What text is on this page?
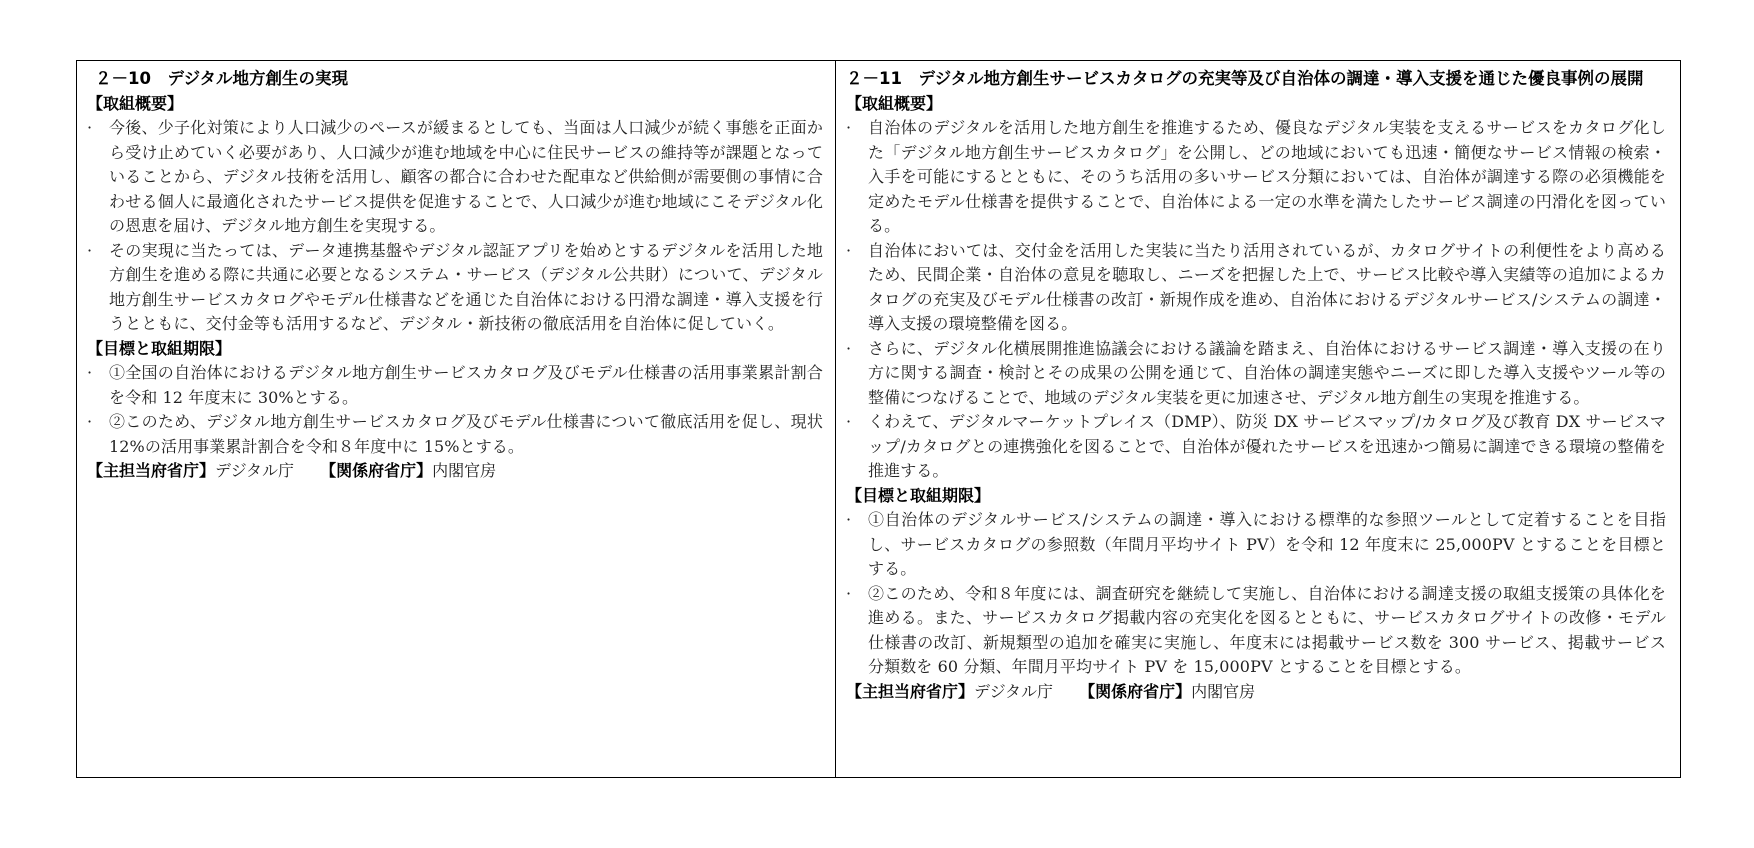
２－10　デジタル地方創生の実現

【取組概要】

·	今後、少子化対策により人口減少のペースが緩まるとしても、当面は人口減少が続く事態を正面から受け止めていく必要があり、人口減少が進む地域を中心に住民サービスの維持等が課題となっていることから、デジタル技術を活用し、顧客の都合に合わせた配車など供給側が需要側の事情に合わせる個人に最適化されたサービス提供を促進することで、人口減少が進む地域にこそデジタル化の恩恵を届け、デジタル地方創生を実現する。
·	その実現に当たっては、データ連携基盤やデジタル認証アプリを始めとするデジタルを活用した地方創生を進める際に共通に必要となるシステム・サービス（デジタル公共財）について、デジタル地方創生サービスカタログやモデル仕様書などを通じた自治体における円滑な調達・導入支援を行うとともに、交付金等も活用するなど、デジタル・新技術の徹底活用を自治体に促していく。

【目標と取組期限】

·	①全国の自治体におけるデジタル地方創生サービスカタログ及びモデル仕様書の活用事業累計割合を令和 12 年度末に 30%とする。
·	②このため、デジタル地方創生サービスカタログ及びモデル仕様書について徹底活用を促し、現状 12%の活用事業累計割合を令和８年度中に 15%とする。

【主担当府省庁】デジタル庁 【関係府省庁】内閣官房

２－11　デジタル地方創生サービスカタログの充実等及び自治体の調達・導入支援を通じた優良事例の展開

【取組概要】

·	自治体のデジタルを活用した地方創生を推進するため、優良なデジタル実装を支えるサービスをカタログ化した「デジタル地方創生サービスカタログ」を公開し、どの地域においても迅速・簡便なサービス情報の検索・入手を可能にするとともに、そのうち活用の多いサービス分類においては、自治体が調達する際の必須機能を定めたモデル仕様書を提供することで、自治体による一定の水準を満たしたサービス調達の円滑化を図っている。
·	自治体においては、交付金を活用した実装に当たり活用されているが、カタログサイトの利便性をより高めるため、民間企業・自治体の意見を聴取し、ニーズを把握した上で、サービス比較や導入実績等の追加によるカタログの充実及びモデル仕様書の改訂・新規作成を進め、自治体におけるデジタルサービス/システムの調達・導入支援の環境整備を図る。
·	さらに、デジタル化横展開推進協議会における議論を踏まえ、自治体におけるサービス調達・導入支援の在り方に関する調査・検討とその成果の公開を通じて、自治体の調達実態やニーズに即した導入支援やツール等の整備につなげることで、地域のデジタル実装を更に加速させ、デジタル地方創生の実現を推進する。
·	くわえて、デジタルマーケットプレイス（DMP）、防災 DX サービスマップ/カタログ及び教育 DX サービスマップ/カタログとの連携強化を図ることで、自治体が優れたサービスを迅速かつ簡易に調達できる環境の整備を推進する。

【目標と取組期限】

·	①自治体のデジタルサービス/システムの調達・導入における標準的な参照ツールとして定着することを目指し、サービスカタログの参照数（年間月平均サイト PV）を令和 12 年度末に 25,000PV とすることを目標とする。
·	②このため、令和８年度には、調査研究を継続して実施し、自治体における調達支援の取組支援策の具体化を進める。また、サービスカタログ掲載内容の充実化を図るとともに、サービスカタログサイトの改修・モデル仕様書の改訂、新規類型の追加を確実に実施し、年度末には掲載サービス数を 300 サービス、掲載サービス分類数を 60 分類、年間月平均サイト PV を 15,000PV とすることを目標とする。

【主担当府省庁】デジタル庁 【関係府省庁】内閣官房
